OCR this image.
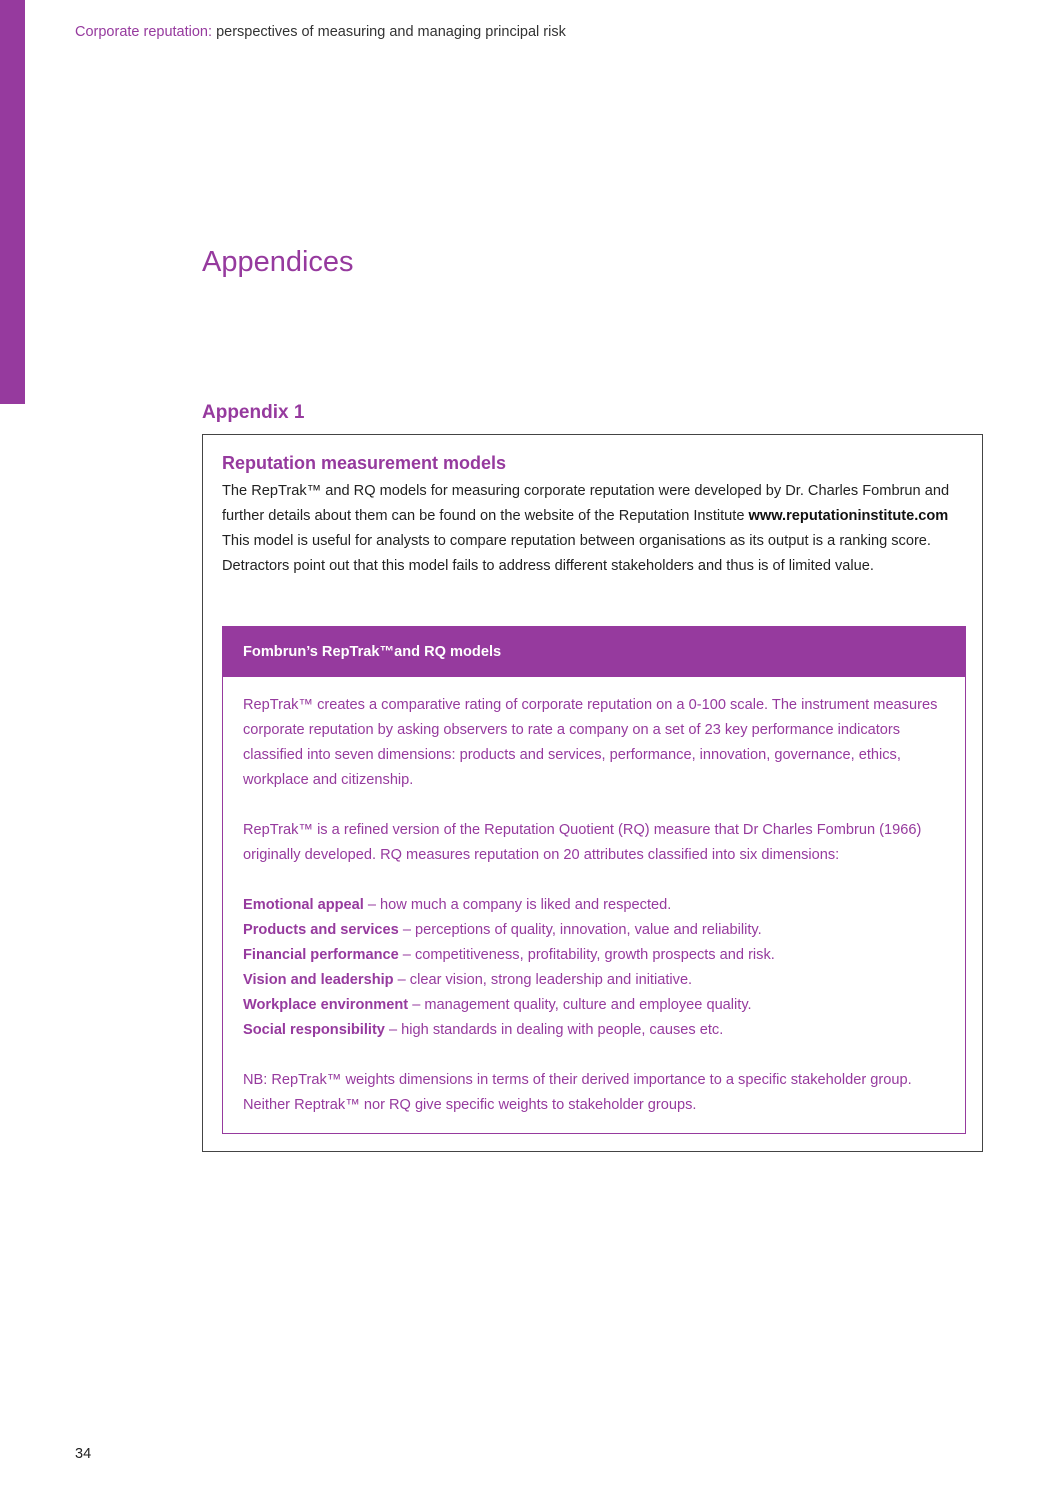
Corporate reputation: perspectives of measuring and managing principal risk
Appendices
Appendix 1
Reputation measurement models

The RepTrak™ and RQ models for measuring corporate reputation were developed by Dr. Charles Fombrun and further details about them can be found on the website of the Reputation Institute www.reputationinstitute.com This model is useful for analysts to compare reputation between organisations as its output is a ranking score. Detractors point out that this model fails to address different stakeholders and thus is of limited value.

Fombrun’s RepTrak™and RQ models

RepTrak™ creates a comparative rating of corporate reputation on a 0-100 scale. The instrument measures corporate reputation by asking observers to rate a company on a set of 23 key performance indicators classified into seven dimensions: products and services, performance, innovation, governance, ethics, workplace and citizenship.

RepTrak™ is a refined version of the Reputation Quotient (RQ) measure that Dr Charles Fombrun (1966) originally developed. RQ measures reputation on 20 attributes classified into six dimensions:

Emotional appeal – how much a company is liked and respected.
Products and services – perceptions of quality, innovation, value and reliability.
Financial performance – competitiveness, profitability, growth prospects and risk.
Vision and leadership – clear vision, strong leadership and initiative.
Workplace environment – management quality, culture and employee quality.
Social responsibility – high standards in dealing with people, causes etc.

NB: RepTrak™ weights dimensions in terms of their derived importance to a specific stakeholder group. Neither Reptrak™ nor RQ give specific weights to stakeholder groups.

34
